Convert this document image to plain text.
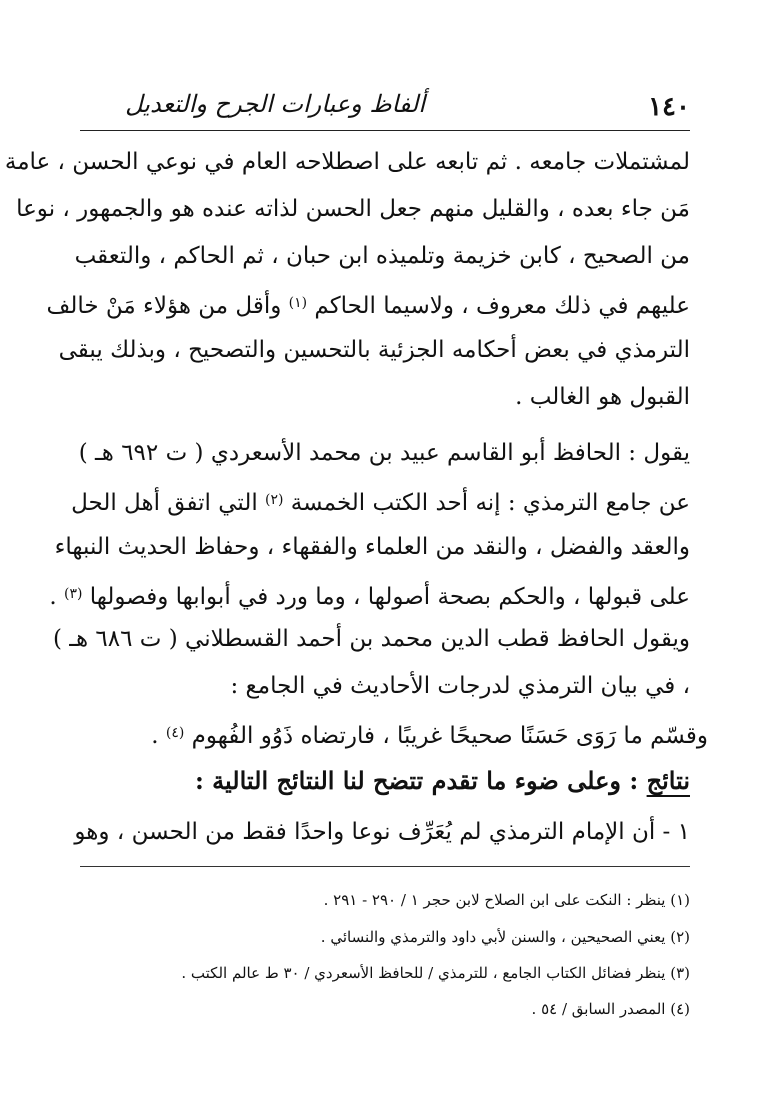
١٤٠
ألفاظ وعبارات الجرح والتعديل
لمشتملات جامعه . ثم تابعه على اصطلاحه العام في نوعي الحسن ، عامة
مَن جاء بعده ، والقليل منهم جعل الحسن لذاته عنده هو والجمهور ، نوعا
من الصحيح ، كابن خزيمة وتلميذه ابن حبان ، ثم الحاكم ، والتعقب
عليهم في ذلك معروف ، ولاسيما الحاكم $^{(١)}$ وأقل من هؤلاء مَنْ خالف
الترمذي في بعض أحكامه الجزئية بالتحسين والتصحيح ، وبذلك يبقى
القبول هو الغالب .
يقول : الحافظ أبو القاسم عبيد بن محمد الأسعردي ( ت ٦٩٢ هـ )
عن جامع الترمذي : إنه أحد الكتب الخمسة $^{(٢)}$ التي اتفق أهل الحل
والعقد والفضل ، والنقد من العلماء والفقهاء ، وحفاظ الحديث النبهاء
على قبولها ، والحكم بصحة أصولها ، وما ورد في أبوابها وفصولها $^{(٣)}$ .
ويقول الحافظ قطب الدين محمد بن أحمد القسطلاني ( ت ٦٨٦ هـ )
، في بيان الترمذي لدرجات الأحاديث في الجامع :
وقسّم ما رَوَى حَسَنًا صحيحًا غريبًا ، فارتضاه ذَوُو الفُهوم $^{(٤)}$ .
نتائج : وعلى ضوء ما تقدم تتضح لنا النتائج التالية :
١ - أن الإمام الترمذي لم يُعَرِّف نوعا واحدًا فقط من الحسن ، وهو
(١) ينظر : النكت على ابن الصلاح لابن حجر ١ / ٢٩٠ - ٢٩١ .
(٢) يعني الصحيحين ، والسنن لأبي داود والترمذي والنسائي .
(٣) ينظر فضائل الكتاب الجامع ، للترمذي / للحافظ الأسعردي / ٣٠ ط عالم الكتب .
(٤) المصدر السابق / ٥٤ .
